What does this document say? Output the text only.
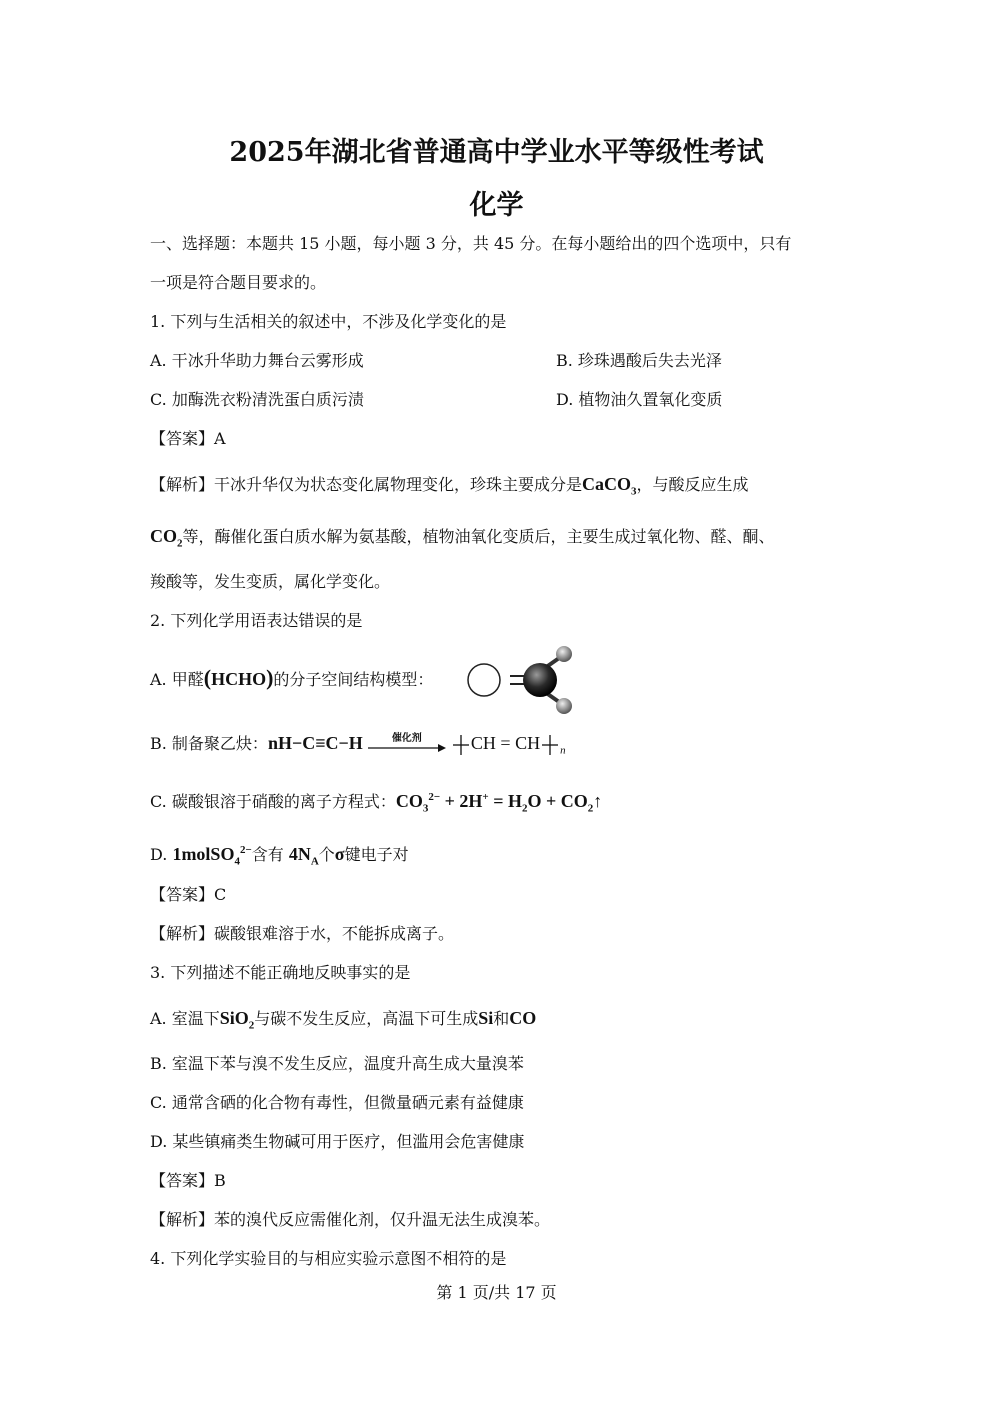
2025年湖北省普通高中学业水平等级性考试
化学
一、选择题：本题共 15 小题，每小题 3 分，共 45 分。在每小题给出的四个选项中，只有
一项是符合题目要求的。
1. 下列与生活相关的叙述中，不涉及化学变化的是
A. 干冰升华助力舞台云雾形成	B. 珍珠遇酸后失去光泽
C. 加酶洗衣粉清洗蛋白质污渍	D. 植物油久置氧化变质
【答案】A
【解析】干冰升华仅为状态变化属物理变化，珍珠主要成分是CaCO$_3$，与酸反应生成
$CO_2$等，酶催化蛋白质水解为氨基酸，植物油氧化变质后，主要生成过氧化物、醛、酮、
羧酸等，发生变质，属化学变化。
2. 下列化学用语表达错误的是
A. 甲醛(HCHO)的分子空间结构模型：
B. 制备聚乙炔：nH−C≡C−H	催化剂	CH = CH $_n$
C. 碳酸银溶于硝酸的离子方程式：$CO_3^{2-} + 2H^+ = H_2O$ + $CO_2↑$
D. 1molSO$_4^{2-}$含有 $4N_A$个σ键电子对
【答案】C
【解析】碳酸银难溶于水，不能拆成离子。
3. 下列描述不能正确地反映事实的是
A. 室温下SiO$_2$与碳不发生反应，高温下可生成Si和CO
B. 室温下苯与溴不发生反应，温度升高生成大量溴苯
C. 通常含硒的化合物有毒性，但微量硒元素有益健康
D. 某些镇痛类生物碱可用于医疗，但滥用会危害健康
【答案】B
【解析】苯的溴代反应需催化剂，仅升温无法生成溴苯。
4. 下列化学实验目的与相应实验示意图不相符的是
第 1 页/共 17 页
